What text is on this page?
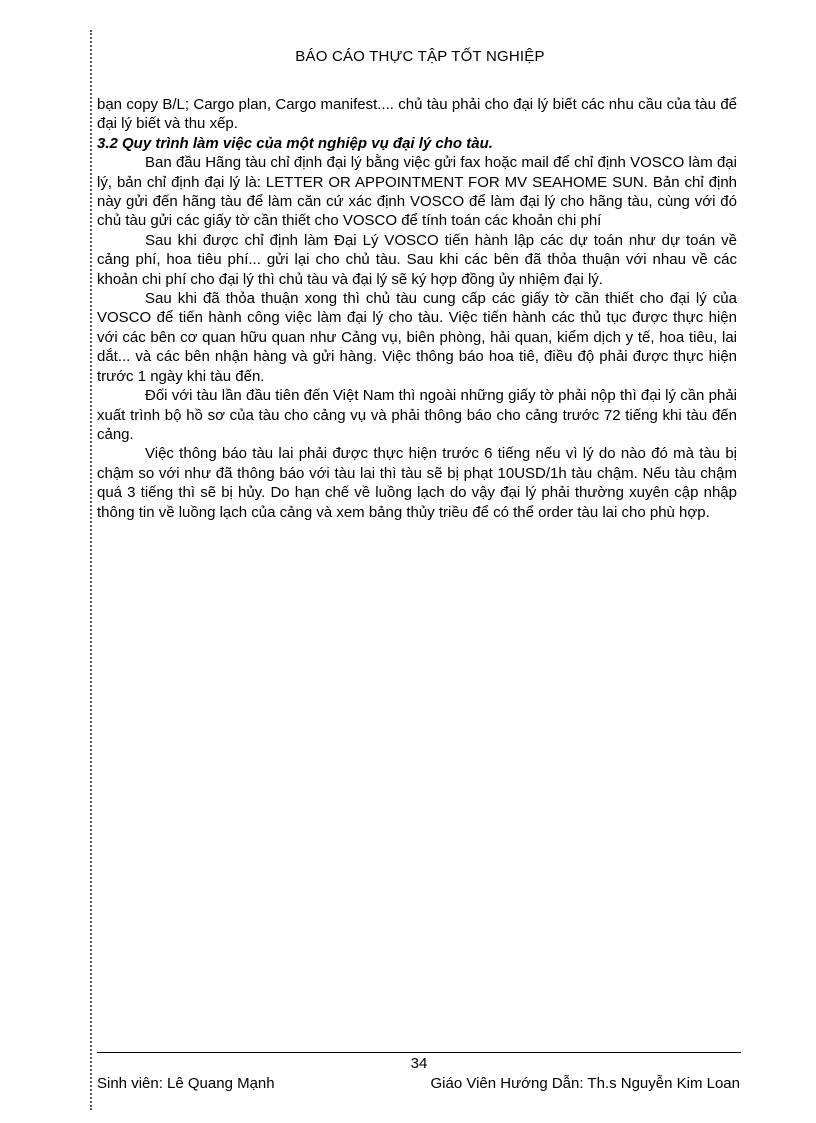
BÁO CÁO THỰC TẬP TỐT NGHIỆP

bạn copy B/L; Cargo plan, Cargo manifest.... chủ tàu phải cho đại lý biết các nhu cầu của tàu để đại lý biết và thu xếp.

3.2 Quy trình làm việc của một nghiệp vụ đại lý cho tàu.

Ban đầu Hãng tàu chỉ định đại lý bằng việc gửi fax hoặc mail để chỉ định VOSCO làm đại lý, bản chỉ định đại lý là: LETTER OR APPOINTMENT FOR MV SEAHOME SUN. Bản chỉ định này gửi đến hãng tàu để làm căn cứ xác định VOSCO để làm đại lý cho hãng tàu, cùng với đó chủ tàu gửi các giấy tờ cần thiết cho VOSCO để tính toán các khoản chi phí

Sau khi được chỉ định làm Đại Lý VOSCO tiến hành lập các dự toán như dự toán về cảng phí, hoa tiêu phí... gửi lại cho chủ tàu. Sau khi các bên đã thỏa thuận với nhau về các khoản chi phí cho đại lý thì chủ tàu và đại lý sẽ ký hợp đồng ủy nhiệm đại lý.

Sau khi đã thỏa thuận xong thì chủ tàu cung cấp các giấy tờ cần thiết cho đại lý của VOSCO để tiến hành công việc làm đại lý cho tàu. Việc tiến hành các thủ tục được thực hiện với các bên cơ quan hữu quan như Cảng vụ, biên phòng, hải quan, kiểm dịch y tế, hoa tiêu, lai dắt... và các bên nhận hàng và gửi hàng. Việc thông báo hoa tiê, điều độ phải được thực hiện trước 1 ngày khi tàu đến.

Đối với tàu lần đầu tiên đến Việt Nam thì ngoài những giấy tờ phải nộp thì đại lý cần phải xuất trình bộ hồ sơ của tàu cho cảng vụ và phải thông báo cho cảng trước 72 tiếng khi tàu đến cảng.

Việc thông báo tàu lai phải được thực hiện trước 6 tiếng nếu vì lý do nào đó mà tàu bị chậm so với như đã thông báo với tàu lai thì tàu sẽ bị phạt 10USD/1h tàu chậm. Nếu tàu chậm quá 3 tiếng thì sẽ bị hủy. Do hạn chế về luồng lạch do vậy đại lý phải thường xuyên cập nhập thông tin về luồng lạch của cảng và xem bảng thủy triều để có thể order tàu lai cho phù hợp.

34
Sinh viên: Lê Quang Mạnh	Giáo Viên Hướng Dẫn: Th.s Nguyễn Kim Loan
